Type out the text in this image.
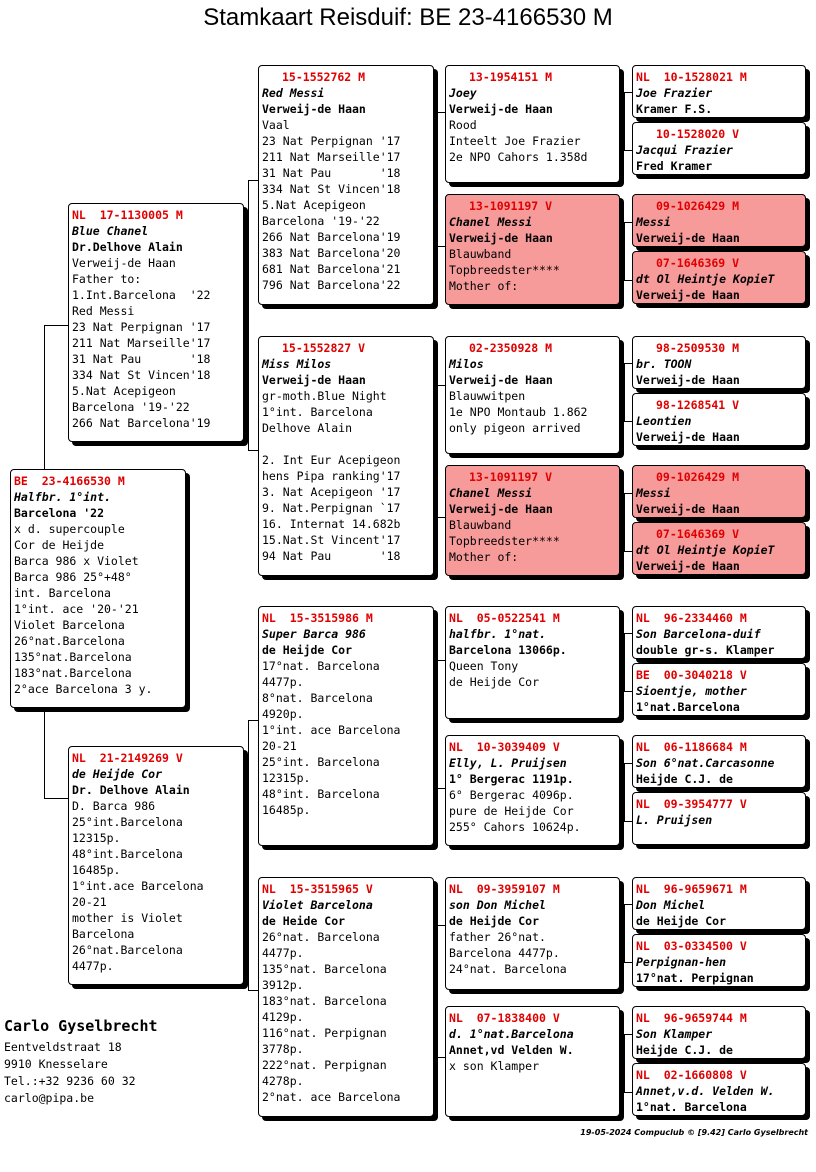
Stamkaart Reisduif: BE 23-4166530 M
BE  23-4166530 M
Halfbr. 1°int.
Barcelona '22
x d. supercouple
Cor de Heijde
Barca 986 x Violet
Barca 986 25°+48°
int. Barcelona
1°int. ace '20-'21
Violet Barcelona
26°nat.Barcelona
135°nat.Barcelona
183°nat.Barcelona
2°ace Barcelona 3 y.
NL  17-1130005 M
Blue Chanel
Dr.Delhove Alain
Verweij-de Haan
Father to:
1.Int.Barcelona  '22
Red Messi
23 Nat Perpignan '17
211 Nat Marseille'17
31 Nat Pau       '18
334 Nat St Vincen'18
5.Nat Acepigeon
Barcelona '19-'22
266 Nat Barcelona'19
NL  21-2149269 V
de Heijde Cor
Dr. Delhove Alain
D. Barca 986
25°int.Barcelona
12315p.
48°int.Barcelona
16485p.
1°int.ace Barcelona
20-21
mother is Violet
Barcelona
26°nat.Barcelona
4477p.
15-1552762 M
Red Messi
Verweij-de Haan
Vaal
23 Nat Perpignan '17
211 Nat Marseille'17
31 Nat Pau       '18
334 Nat St Vincen'18
5.Nat Acepigeon
Barcelona '19-'22
266 Nat Barcelona'19
383 Nat Barcelona'20
681 Nat Barcelona'21
796 Nat Barcelona'22
15-1552827 V
Miss Milos
Verweij-de Haan
gr-moth.Blue Night
1°int. Barcelona
Delhove Alain

2. Int Eur Acepigeon
hens Pipa ranking'17
3. Nat Acepigeon '17
9. Nat.Perpignan `17
16. Internat 14.682b
15.Nat.St Vincent'17
94 Nat Pau       '18
NL  15-3515986 M
Super Barca 986
de Heijde Cor
17°nat. Barcelona
4477p.
8°nat. Barcelona
4920p.
1°int. ace Barcelona
20-21
25°int. Barcelona
12315p.
48°int. Barcelona
16485p.
NL  15-3515965 V
Violet Barcelona
de Heide Cor
26°nat. Barcelona
4477p.
135°nat. Barcelona
3912p.
183°nat. Barcelona
4129p.
116°nat. Perpignan
3778p.
222°nat. Perpignan
4278p.
2°nat. ace Barcelona
13-1954151 M
Joey
Verweij-de Haan
Rood
Inteelt Joe Frazier
2e NPO Cahors 1.358d
13-1091197 V
Chanel Messi
Verweij-de Haan
Blauwband
Topbreedster****
Mother of:
02-2350928 M
Milos
Verweij-de Haan
Blauwwitpen
1e NPO Montaub 1.862
only pigeon arrived
13-1091197 V
Chanel Messi
Verweij-de Haan
Blauwband
Topbreedster****
Mother of:
NL  05-0522541 M
halfbr. 1°nat.
Barcelona 13066p.
Queen Tony
de Heijde Cor
NL  10-3039409 V
Elly, L. Pruijsen
1° Bergerac 1191p.
6° Bergerac 4096p.
pure de Heijde Cor
255° Cahors 10624p.
NL  09-3959107 M
son Don Michel
de Heijde Cor
father 26°nat.
Barcelona 4477p.
24°nat. Barcelona
NL  07-1838400 V
d. 1°nat.Barcelona
Annet,vd Velden W.
x son Klamper
NL  10-1528021 M
Joe Frazier
Kramer F.S.
10-1528020 V
Jacqui Frazier
Fred Kramer
09-1026429 M
Messi
Verweij-de Haan
07-1646369 V
dt Ol Heintje KopieT
Verweij-de Haan
98-2509530 M
br. TOON
Verweij-de Haan
98-1268541 V
Leontien
Verweij-de Haan
09-1026429 M
Messi
Verweij-de Haan
07-1646369 V
dt Ol Heintje KopieT
Verweij-de Haan
NL  96-2334460 M
Son Barcelona-duif
double gr-s. Klamper
BE  00-3040218 V
Sioentje, mother
1°nat.Barcelona
NL  06-1186684 M
Son 6°nat.Carcasonne
Heijde C.J. de
NL  09-3954777 V
L. Pruijsen
NL  96-9659671 M
Don Michel
de Heijde Cor
NL  03-0334500 V
Perpignan-hen
17°nat. Perpignan
NL  96-9659744 M
Son Klamper
Heijde C.J. de
NL  02-1660808 V
Annet,v.d. Velden W.
1°nat. Barcelona
Carlo Gyselbrecht
Eentveldstraat 18
9910 Knesselare
Tel.:+32 9236 60 32
carlo@pipa.be
19-05-2024 Compuclub © [9.42] Carlo Gyselbrecht
